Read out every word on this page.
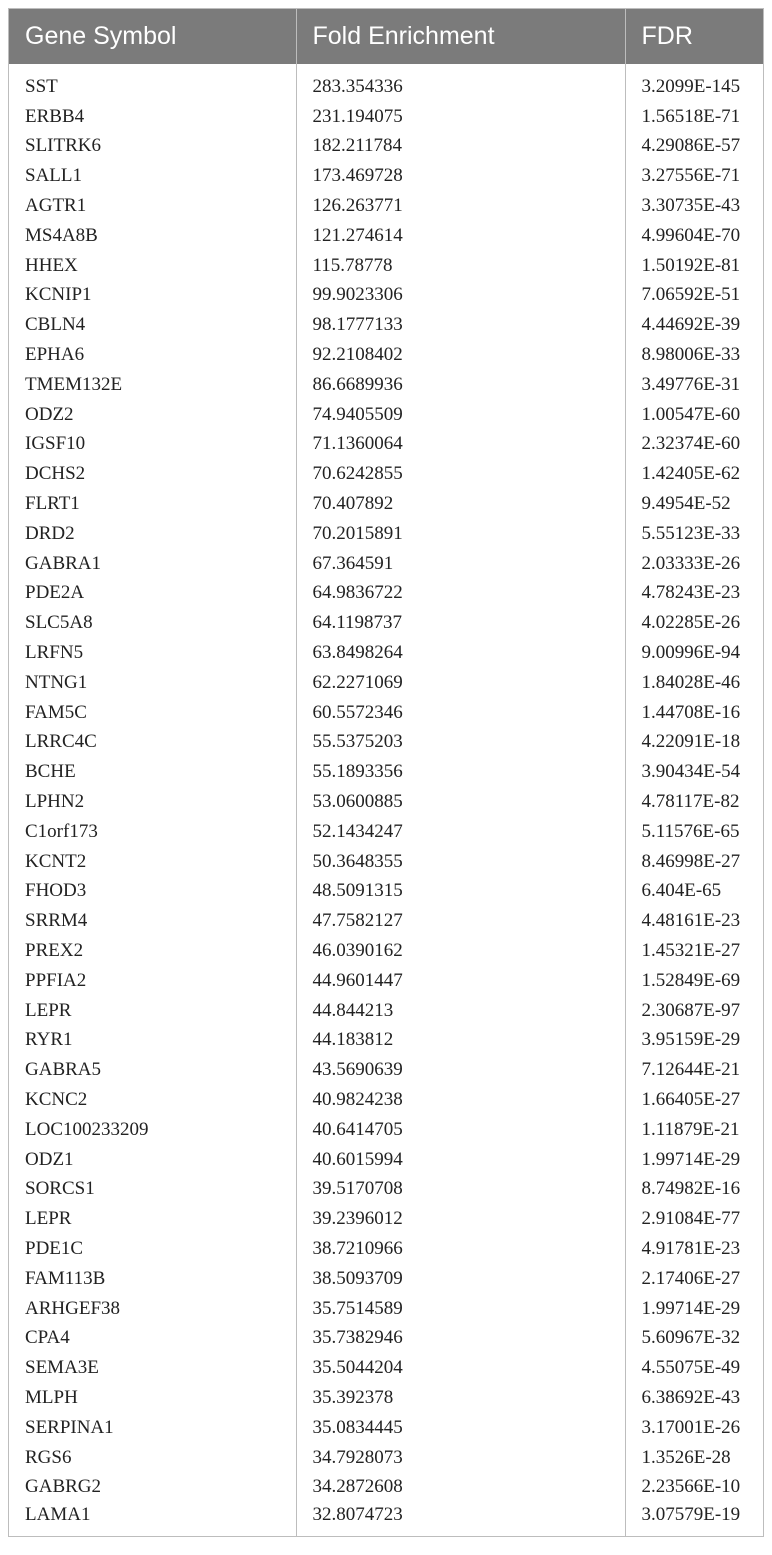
Gene Symbol	Fold Enrichment	FDR

SST	283.354336	3.2099E-145
ERBB4	231.194075	1.56518E-71
SLITRK6	182.211784	4.29086E-57
SALL1	173.469728	3.27556E-71
AGTR1	126.263771	3.30735E-43
MS4A8B	121.274614	4.99604E-70
HHEX	115.78778	1.50192E-81
KCNIP1	99.9023306	7.06592E-51
CBLN4	98.1777133	4.44692E-39
EPHA6	92.2108402	8.98006E-33
TMEM132E	86.6689936	3.49776E-31
ODZ2	74.9405509	1.00547E-60
IGSF10	71.1360064	2.32374E-60
DCHS2	70.6242855	1.42405E-62
FLRT1	70.407892	9.4954E-52
DRD2	70.2015891	5.55123E-33
GABRA1	67.364591	2.03333E-26
PDE2A	64.9836722	4.78243E-23
SLC5A8	64.1198737	4.02285E-26
LRFN5	63.8498264	9.00996E-94
NTNG1	62.2271069	1.84028E-46
FAM5C	60.5572346	1.44708E-16
LRRC4C	55.5375203	4.22091E-18
BCHE	55.1893356	3.90434E-54
LPHN2	53.0600885	4.78117E-82
C1orf173	52.1434247	5.11576E-65
KCNT2	50.3648355	8.46998E-27
FHOD3	48.5091315	6.404E-65
SRRM4	47.7582127	4.48161E-23
PREX2	46.0390162	1.45321E-27
PPFIA2	44.9601447	1.52849E-69
LEPR	44.844213	2.30687E-97
RYR1	44.183812	3.95159E-29
GABRA5	43.5690639	7.12644E-21
KCNC2	40.9824238	1.66405E-27
LOC100233209	40.6414705	1.11879E-21
ODZ1	40.6015994	1.99714E-29
SORCS1	39.5170708	8.74982E-16
LEPR	39.2396012	2.91084E-77
PDE1C	38.7210966	4.91781E-23
FAM113B	38.5093709	2.17406E-27
ARHGEF38	35.7514589	1.99714E-29
CPA4	35.7382946	5.60967E-32
SEMA3E	35.5044204	4.55075E-49
MLPH	35.392378	6.38692E-43
SERPINA1	35.0834445	3.17001E-26
RGS6	34.7928073	1.3526E-28
GABRG2	34.2872608	2.23566E-10
LAMA1	32.8074723	3.07579E-19
